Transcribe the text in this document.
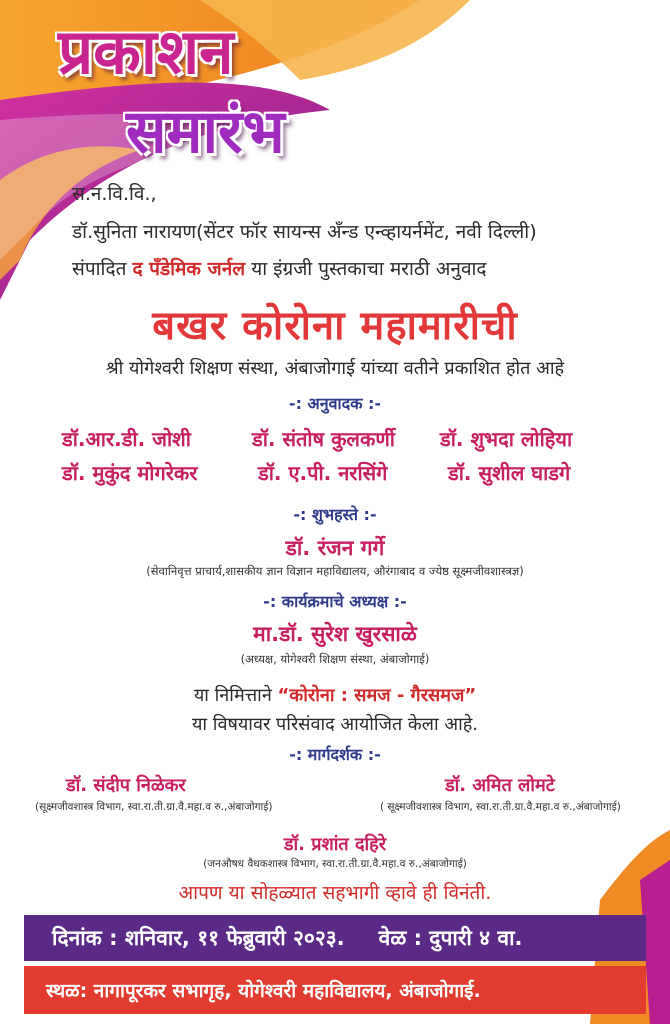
प्रकाशन
समारंभ
स.न.वि.वि.,
डॉ.सुनिता नारायण(सेंटर फॉर सायन्स अँन्ड एन्व्हायर्नमेंट, नवी दिल्ली)
संपादित द पँडेमिक जर्नल या इंग्रजी पुस्तकाचा मराठी अनुवाद
बखर कोरोना महामारीची
श्री योगेश्वरी शिक्षण संस्था, अंबाजोगाई यांच्या वतीने प्रकाशित होत आहे
-: अनुवादक :-
डॉ.आर.डी. जोशी	डॉ. संतोष कुलकर्णी डॉ. शुभदा लोहिया
डॉ. मुकुंद मोगरेकर	डॉ. ए.पी. नरसिंगे	डॉ. सुशील घाडगे
-: शुभहस्ते :-
डॉ. रंजन गर्गे
(सेवानिवृत्त प्राचार्य,शासकीय ज्ञान विज्ञान महाविद्यालय, औरंगाबाद व ज्येष्ठ सूक्ष्मजीवशास्त्रज्ञ)
-: कार्यक्रमाचे अध्यक्ष :-
मा.डॉ. सुरेश खुरसाळे
(अध्यक्ष, योगेश्वरी शिक्षण संस्था, अंबाजोगाई)
या निमित्ताने “कोरोना : समज - गैरसमज”
या विषयावर परिसंवाद आयोजित केला आहे.
-: मार्गदर्शक :-
डॉ. संदीप निळेकर
(सूक्ष्मजीवशास्त्र विभाग, स्वा.रा.ती.ग्रा.वै.महा.व रु.,अंबाजोगाई)
डॉ. अमित लोमटे
( सूक्ष्मजीवशास्त्र विभाग, स्वा.रा.ती.ग्रा.वै.महा.व रु.,अंबाजोगाई)
डॉ. प्रशांत दहिरे
(जनऔषध वैधकशास्त्र विभाग, स्वा.रा.ती.ग्रा.वै.महा.व रु.,अंबाजोगाई)
आपण या सोहळ्यात सहभागी व्हावे ही विनंती.
दिनांक : शनिवार, ११ फेब्रुवारी २०२३. वेळ : दुपारी ४ वा.
स्थळ: नागापूरकर सभागृह, योगेश्वरी महाविद्यालय, अंबाजोगाई.
